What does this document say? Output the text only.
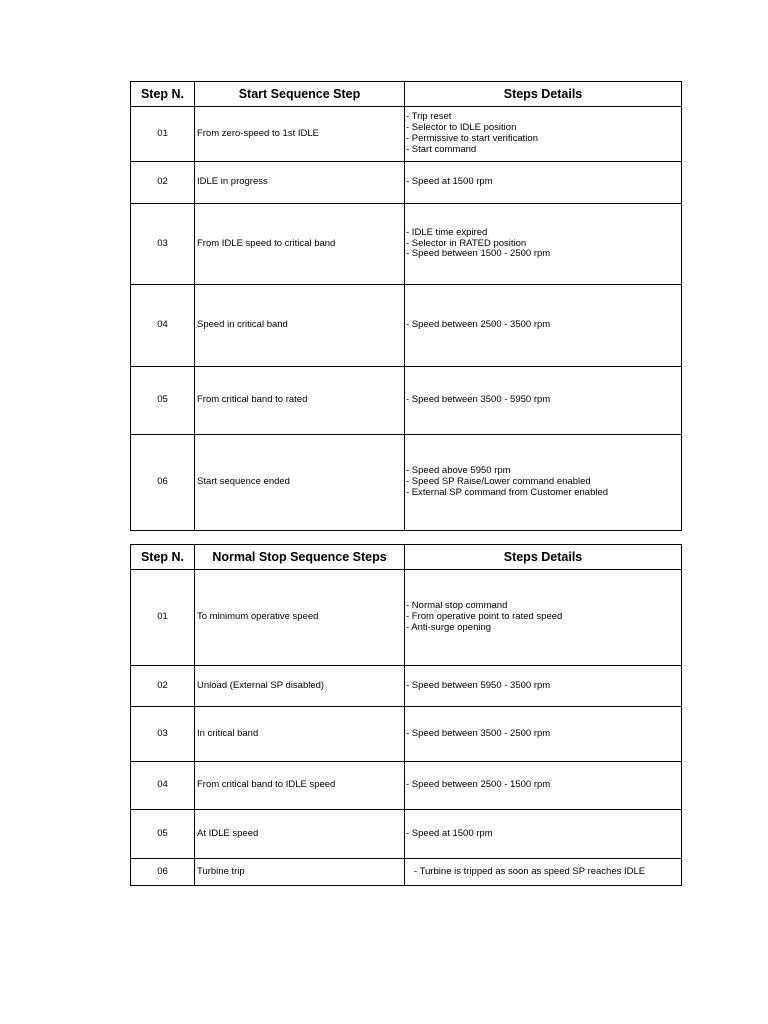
Step N.	Start Sequence Step	Steps Details
01	From zero-speed to 1st IDLE	- Trip reset
- Selector to IDLE position
- Permissive to start verification
- Start command

02	IDLE in progress	- Speed at 1500 rpm

03	From IDLE speed to critical band	- IDLE time expired
- Selector in RATED position
- Speed between 1500 - 2500 rpm

04	Speed in critical band	- Speed between 2500 - 3500 rpm

05	From critical band to rated	- Speed between 3500 - 5950 rpm

06	Start sequence ended	- Speed above 5950 rpm
- Speed SP Raise/Lower command enabled
- External SP command from Customer enabled
Step N.	Normal Stop Sequence Steps	Steps Details
01	To minimum operative speed	- Normal stop command
- From operative point to rated speed
- Anti-surge opening

02	Unload (External SP disabled)	- Speed between 5950 - 3500 rpm

03	In critical band	- Speed between 3500 - 2500 rpm

04	From critical band to IDLE speed	- Speed between 2500 - 1500 rpm

05	At IDLE speed	- Speed at 1500 rpm

06	Turbine trip	- Turbine is tripped as soon as speed SP reaches IDLE
